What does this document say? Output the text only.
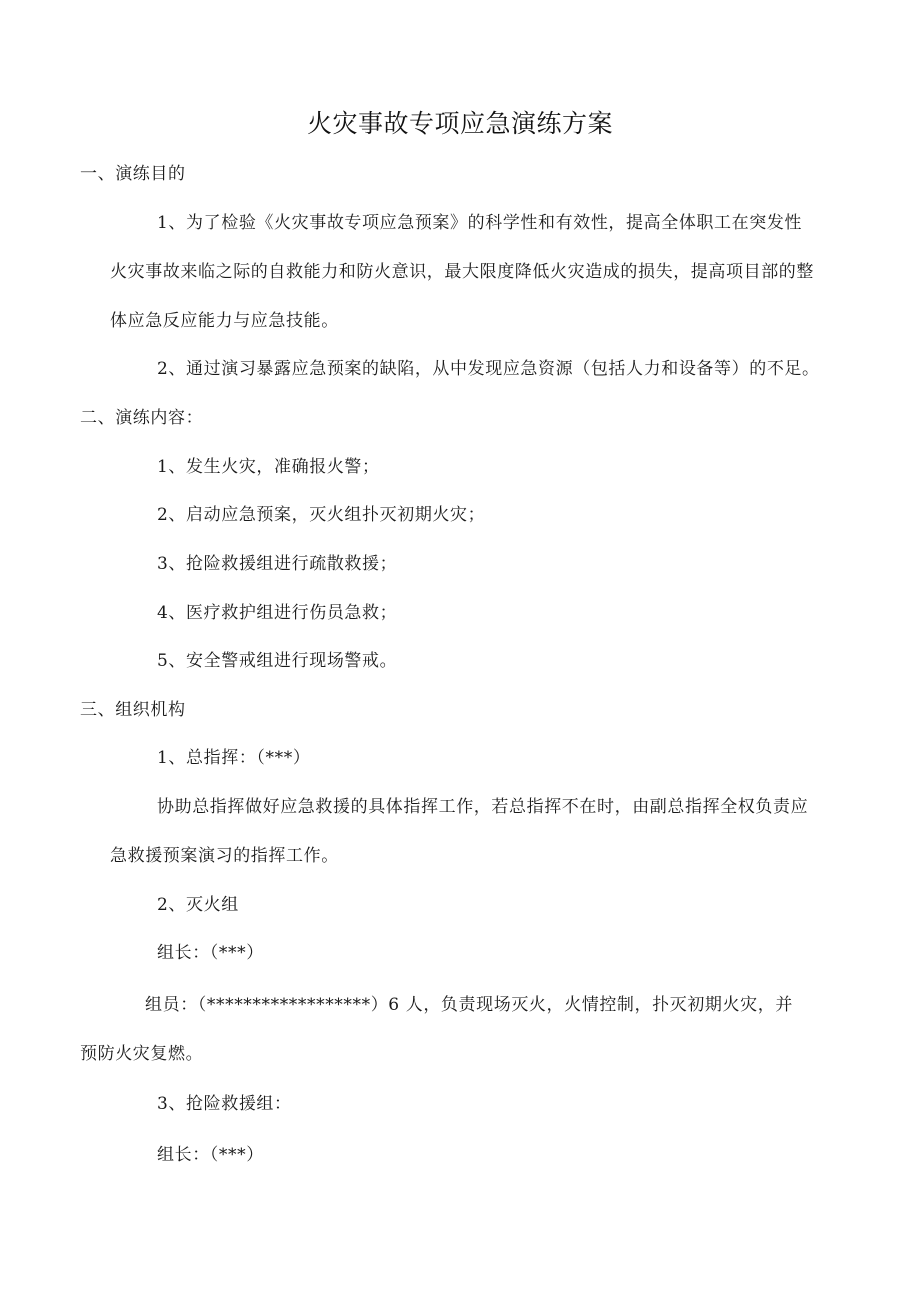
火灾事故专项应急演练方案
一、演练目的
1、为了检验《火灾事故专项应急预案》的科学性和有效性，提高全体职工在突发性
火灾事故来临之际的自救能力和防火意识，最大限度降低火灾造成的损失，提高项目部的整
体应急反应能力与应急技能。
2、通过演习暴露应急预案的缺陷，从中发现应急资源（包括人力和设备等）的不足。
二、演练内容：
1、发生火灾，准确报火警；
2、启动应急预案，灭火组扑灭初期火灾；
3、抢险救援组进行疏散救援；
4、医疗救护组进行伤员急救；
5、安全警戒组进行现场警戒。
三、组织机构
1、总指挥：（***）
协助总指挥做好应急救援的具体指挥工作，若总指挥不在时，由副总指挥全权负责应
急救援预案演习的指挥工作。
2、灭火组
组长：（***）
组员：（******************）6 人，负责现场灭火，火情控制，扑灭初期火灾，并
预防火灾复燃。
3、抢险救援组：
组长：（***）
